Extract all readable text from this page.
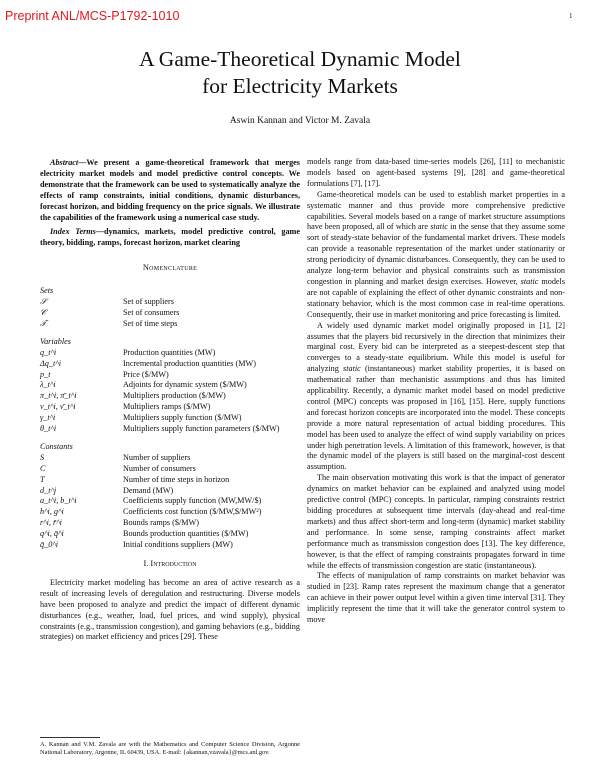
Preprint ANL/MCS-P1792-1010	1
A Game-Theoretical Dynamic Model
for Electricity Markets
Aswin Kannan and Victor M. Zavala

Abstract—We present a game-theoretical framework that merges electricity market models and model predictive control concepts. We demonstrate that the framework can be used to systematically analyze the effects of ramp constraints, initial conditions, dynamic disturbances, forecast horizon, and bidding frequency on the price signals. We illustrate the capabilities of the framework using a numerical case study.

Index Terms—dynamics, markets, model predictive control, game theory, bidding, ramps, forecast horizon, market clearing

Nomenclature
Sets
𝒮	Set of suppliers
𝒞	Set of consumers
𝒯	Set of time steps
Variables
q_t^i	Production quantities (MW)
Δq_t^i	Incremental production quantities (MW)
p_t	Price ($/MW)
λ_t^i	Adjoints for dynamic system ($/MW)
π_t^i, π̄_t^i	Multipliers production ($/MW)
ν_t^i, ν̄_t^i	Multipliers ramps ($/MW)
γ_t^i	Multipliers supply function ($/MW)
θ_t^i	Multipliers supply function parameters ($/MW)
Constants
S	Number of suppliers
C	Number of consumers
T	Number of time steps in horizon
d_t^j	Demand (MW)
a_t^i, b_t^i	Coefficients supply function (MW,MW/$)
h^i, g^i	Coefficients cost function ($/MW,$/MW²)
r^i, r̄^i	Bounds ramps ($/MW)
q^i, q̄^i	Bounds production quantities ($/MW)
q̄_0^i	Initial conditions suppliers (MW)
I. Introduction

Electricity market modeling has become an area of active research as a result of increasing levels of deregulation and restructuring. Diverse models have been proposed to analyze and predict the impact of different dynamic disturbances (e.g., weather, load, fuel prices, and wind supply), physical constraints (e.g., transmission congestion), and gaming behaviors (e.g., bidding strategies) on market efficiency and prices [29]. These

A. Kannan and V.M. Zavala are with the Mathematics and Computer Science Division, Argonne National Laboratory, Argonne, IL 60439, USA. E-mail: {akannan,vzavala}@mcs.anl.gov.

models range from data-based time-series models [26], [11] to mechanistic models based on agent-based systems [9], [28] and game-theoretical formulations [7], [17].

Game-theoretical models can be used to establish market properties in a systematic manner and thus provide more comprehensive predictive capabilities. Several models based on a range of market structure assumptions have been proposed, all of which are static in the sense that they assume some sort of steady-state behavior of the fundamental market drivers. These models can provide a reasonable representation of the market under stationarity or strong periodicity of dynamic disturbances. Consequently, they can be used to analyze long-term behavior and physical constraints such as transmission congestion in planning and market design exercises. However, static models are not capable of explaining the effect of other dynamic constraints and non-stationary behavior, which is the most common case in real-time operations. Consequently, their use in market monitoring and price forecasting is limited.

A widely used dynamic market model originally proposed in [1], [2] assumes that the players bid recursively in the direction that minimizes their marginal cost. Every bid can be interpreted as a steepest-descent step that converges to a steady-state equilibrium. While this model is useful for analyzing static (instantaneous) market stability properties, it is based on mathematical rather than mechanistic assumptions and thus has limited applicability. Recently, a dynamic market model based on model predictive control (MPC) concepts was proposed in [16], [15]. Here, supply functions and forecast horizon concepts are incorporated into the model. These concepts provide a more natural representation of actual bidding procedures. This model has been used to analyze the effect of wind supply variability on prices under high penetration levels. A limitation of this framework, however, is that the dynamic model of the players is still based on the marginal-cost descent assumption.

The main observation motivating this work is that the impact of generator dynamics on market behavior can be explained and analyzed using model predictive control (MPC) concepts. In particular, ramping constraints restrict bidding procedures at subsequent time intervals (day-ahead and real-time markets) and thus affect short-term and long-term (dynamic) market stability and performance. In some sense, ramping constraints affect market performance much as transmission congestion does [13]. The key difference, however, is that the effect of ramping constraints propagates forward in time while the effects of transmission congestion are static (instantaneous).

The effects of manipulation of ramp constraints on market behavior was studied in [23]. Ramp rates represent the maximum change that a generator can achieve in their power output level within a given time interval [31]. They implicitly represent the time that it will take the generator control system to move
